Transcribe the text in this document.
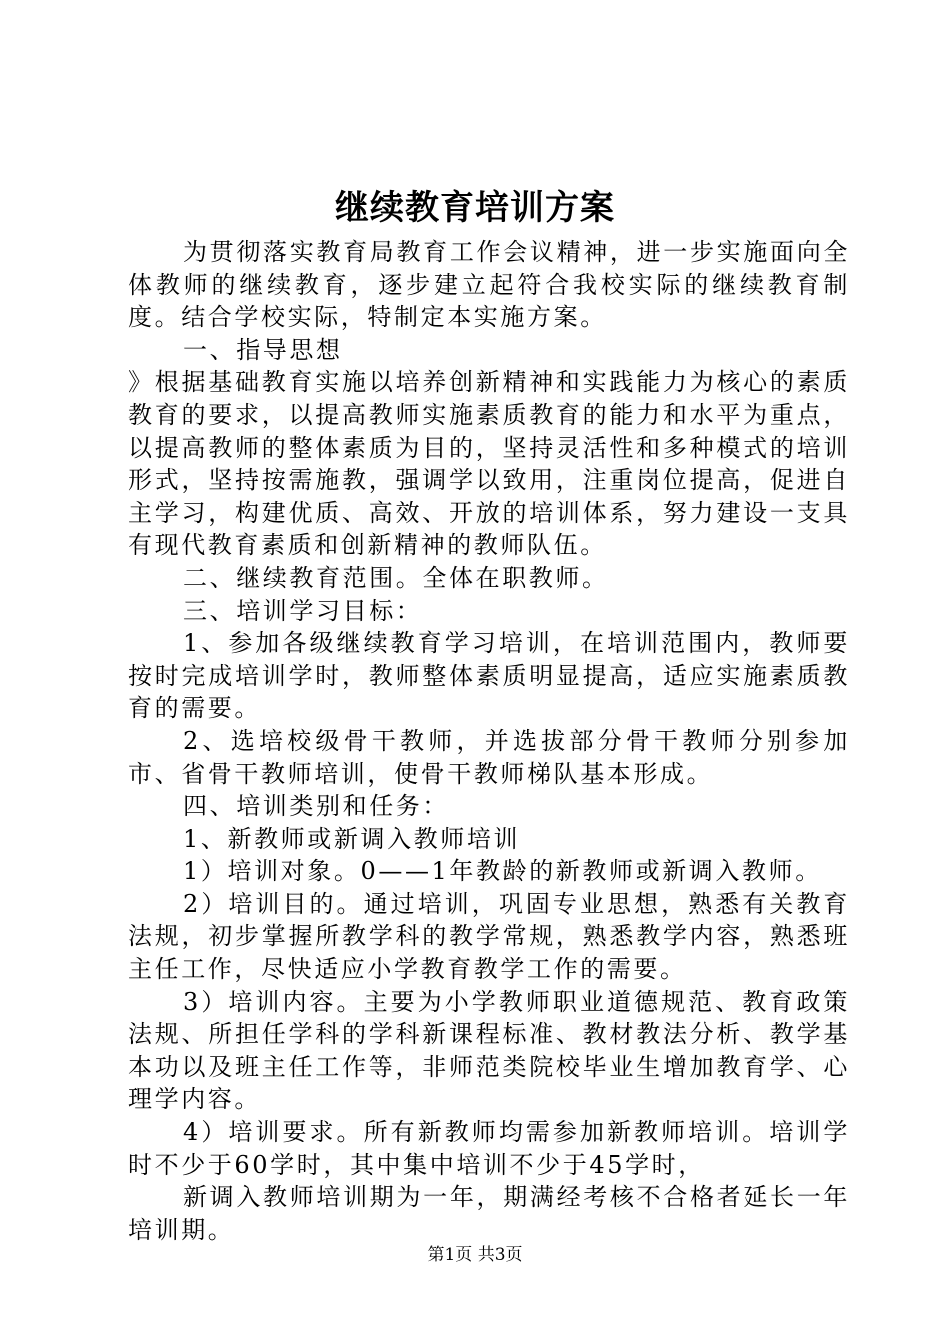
继续教育培训方案

为贯彻落实教育局教育工作会议精神，进一步实施面向全体教师的继续教育，逐步建立起符合我校实际的继续教育制度。结合学校实际，特制定本实施方案。

一、指导思想

》根据基础教育实施以培养创新精神和实践能力为核心的素质教育的要求，以提高教师实施素质教育的能力和水平为重点，以提高教师的整体素质为目的，坚持灵活性和多种模式的培训形式，坚持按需施教，强调学以致用，注重岗位提高，促进自主学习，构建优质、高效、开放的培训体系，努力建设一支具有现代教育素质和创新精神的教师队伍。

二、继续教育范围。全体在职教师。

三、培训学习目标：

1、参加各级继续教育学习培训，在培训范围内，教师要按时完成培训学时，教师整体素质明显提高，适应实施素质教育的需要。

2、选培校级骨干教师，并选拔部分骨干教师分别参加市、省骨干教师培训，使骨干教师梯队基本形成。

四、培训类别和任务：

1、新教师或新调入教师培训

1）培训对象。0——1年教龄的新教师或新调入教师。

2）培训目的。通过培训，巩固专业思想，熟悉有关教育法规，初步掌握所教学科的教学常规，熟悉教学内容，熟悉班主任工作，尽快适应小学教育教学工作的需要。

3）培训内容。主要为小学教师职业道德规范、教育政策法规、所担任学科的学科新课程标准、教材教法分析、教学基本功以及班主任工作等，非师范类院校毕业生增加教育学、心理学内容。

4）培训要求。所有新教师均需参加新教师培训。培训学时不少于60学时，其中集中培训不少于45学时，

新调入教师培训期为一年，期满经考核不合格者延长一年培训期。

第1页 共3页
